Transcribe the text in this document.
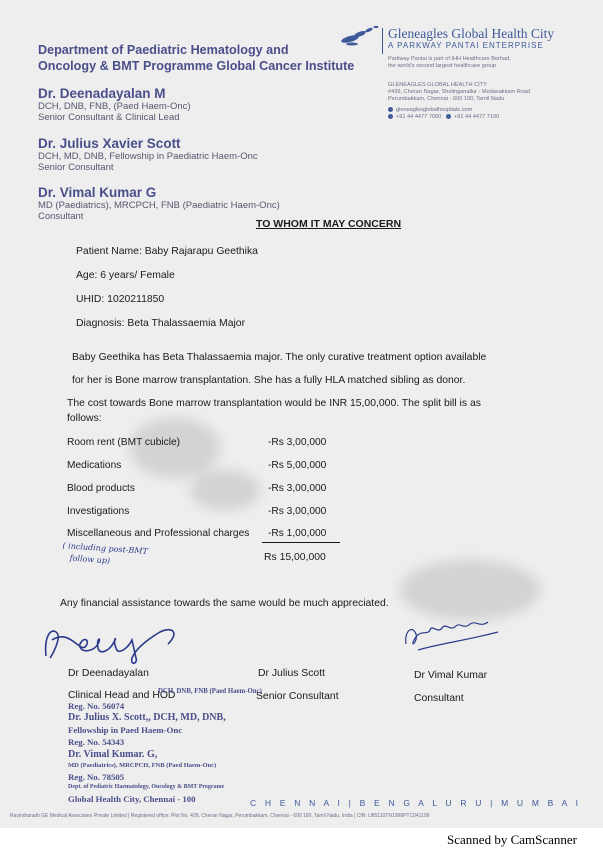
Department of Paediatric Hematology and
Oncology & BMT Programme Global Cancer Institute
Dr. Deenadayalan M
DCH, DNB, FNB, (Paed Haem-Onc)
Senior Consultant & Clinical Lead
Dr. Julius Xavier Scott
DCH, MD, DNB, Fellowship in Paediatric Haem-Onc
Senior Consultant
Dr. Vimal Kumar G
MD (Paediatrics), MRCPCH, FNB (Paediatric Haem-Onc)
Consultant
Gleneagles Global Health City
A PARKWAY PANTAI ENTERPRISE
Parkway Pantai is part of IHH Healthcare Berhad,
the world's second largest healthcare group
GLENEAGLES GLOBAL HEALTH CITY
#439, Cheran Nagar, Sholinganallur - Medavakkam Road
Perumbakkam, Chennai - 600 100, Tamil Nadu
gleneaglesglobalhospitals.com
+91 44 4477 7000 +91 44 4477 7100
TO WHOM IT MAY CONCERN
Patient Name: Baby Rajarapu Geethika
Age: 6 years/ Female
UHID: 1020211850
Diagnosis: Beta Thalassaemia Major
Baby Geethika has Beta Thalassaemia major. The only curative treatment option available
for her is Bone marrow transplantation. She has a fully HLA matched sibling as donor.
The cost towards Bone marrow transplantation would be INR 15,00,000. The split bill is as
follows:
Room rent (BMT cubicle)	-Rs 3,00,000
Medications	-Rs 5,00,000
Blood products	-Rs 3,00,000
Investigations	-Rs 3,00,000
Miscellaneous and Professional charges -Rs 1,00,000
( including post-BMT
follow up)	Rs 15,00,000
Any financial assistance towards the same would be much appreciated.
Dr Deenadayalan	Dr Julius Scott	Dr Vimal Kumar
Clinical Head and HOD	Senior Consultant	Consultant
DCH, DNB, FNB (Paed Haem-Onc)
Reg. No. 56074
Dr. Julius X. Scott,, DCH, MD, DNB,
Fellowship in Paed Haem-Onc
Reg. No. 54343
Dr. Vimal Kumar. G,
MD (Paediatrics), MRCPCH, FNB (Paed Haem-Onc)
Reg. No. 78505
Dept. of Pediatric Haematology, Oncology & BMT Programe
Global Health City, Chennai - 100	C H E N N A I | B E N G A L U R U | M U M B A I
Ravindranath GE Medical Associates Private Limited | Registered office: Plot No. 439, Cheran Nagar, Perumbakkam, Chennai - 600 100, Tamil Nadu, India | CIN: U85110TN1998PTC041106
Scanned by CamScanner
